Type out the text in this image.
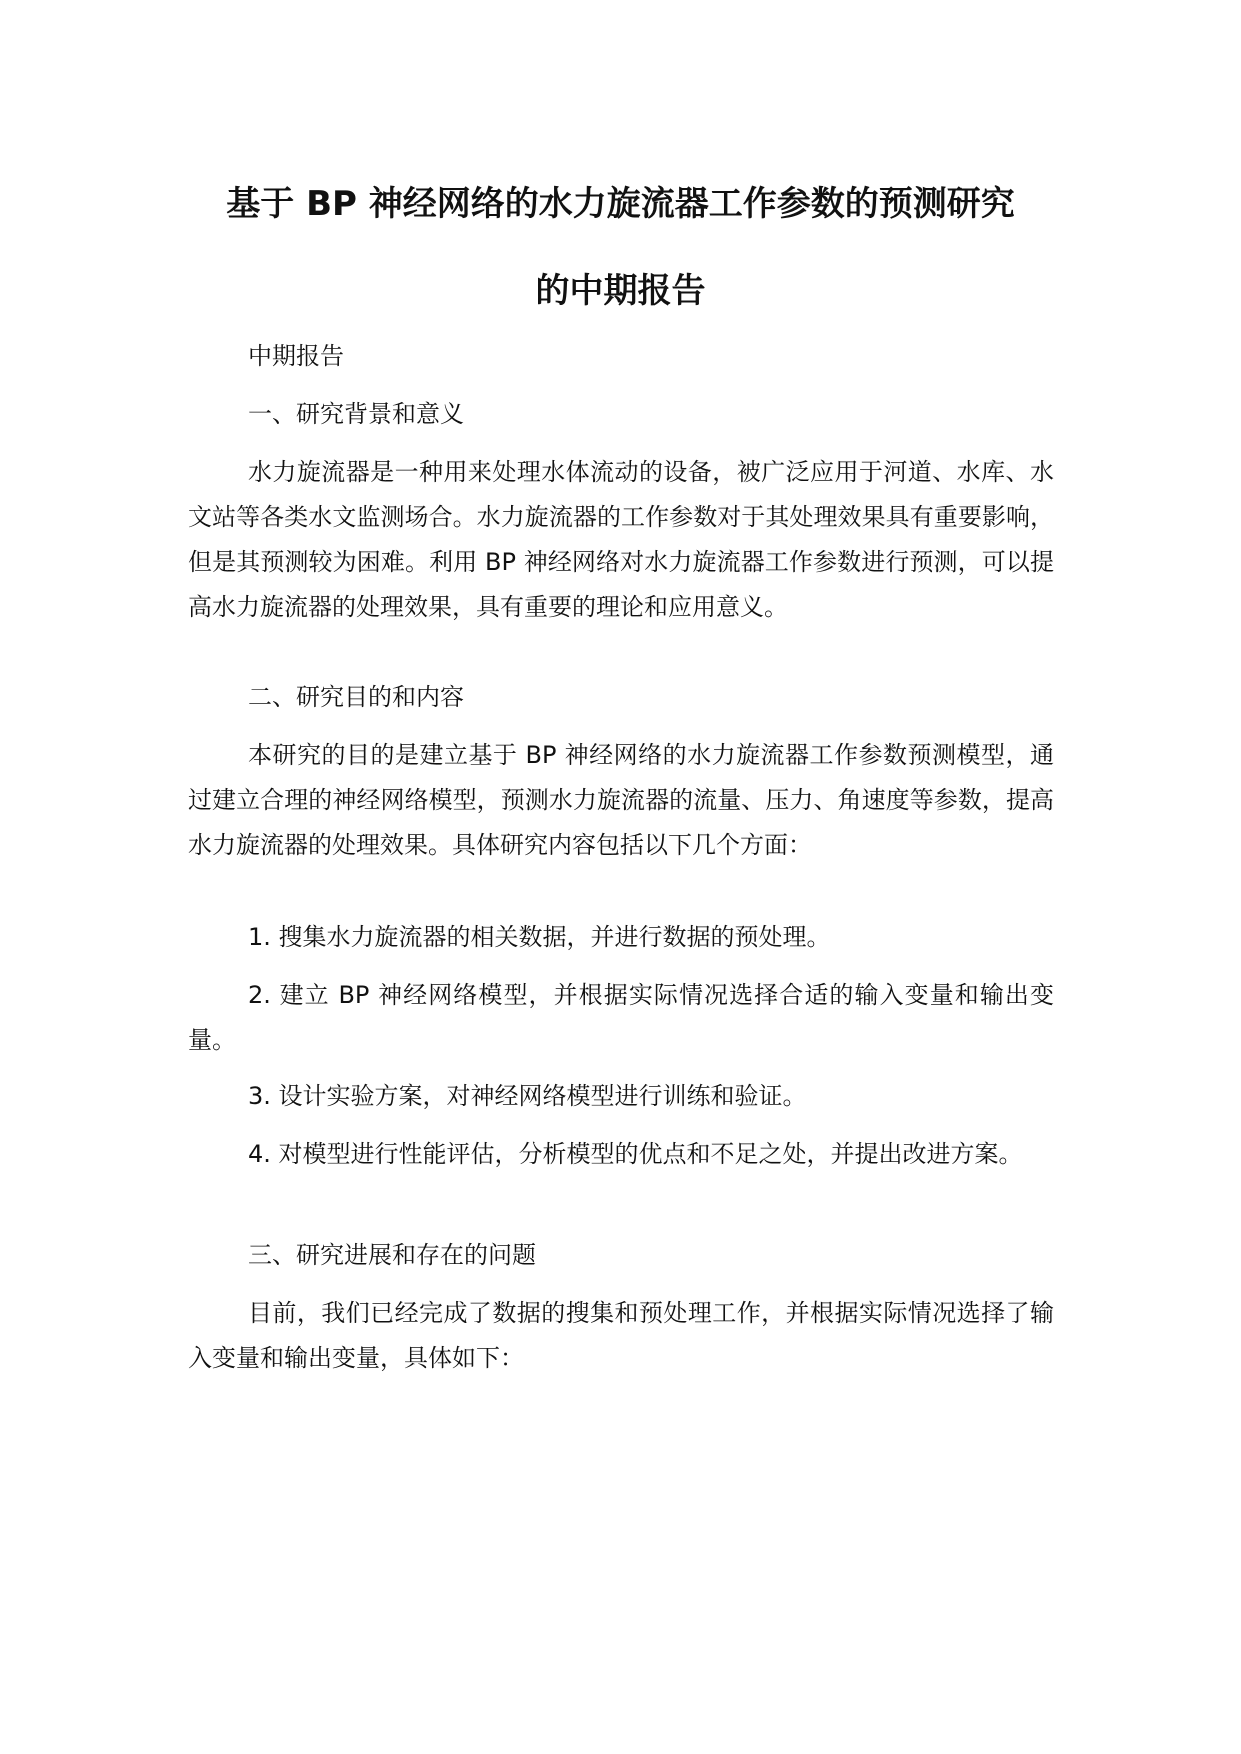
基于 BP 神经网络的水力旋流器工作参数的预测研究
的中期报告
中期报告
一、研究背景和意义
水力旋流器是一种用来处理水体流动的设备，被广泛应用于河道、水库、水文站等各类水文监测场合。水力旋流器的工作参数对于其处理效果具有重要影响，但是其预测较为困难。利用 BP 神经网络对水力旋流器工作参数进行预测，可以提高水力旋流器的处理效果，具有重要的理论和应用意义。
二、研究目的和内容
本研究的目的是建立基于 BP 神经网络的水力旋流器工作参数预测模型，通过建立合理的神经网络模型，预测水力旋流器的流量、压力、角速度等参数，提高水力旋流器的处理效果。具体研究内容包括以下几个方面：
1. 搜集水力旋流器的相关数据，并进行数据的预处理。
2. 建立 BP 神经网络模型，并根据实际情况选择合适的输入变量和输出变量。
3. 设计实验方案，对神经网络模型进行训练和验证。
4. 对模型进行性能评估，分析模型的优点和不足之处，并提出改进方案。
三、研究进展和存在的问题
目前，我们已经完成了数据的搜集和预处理工作，并根据实际情况选择了输入变量和输出变量，具体如下：
